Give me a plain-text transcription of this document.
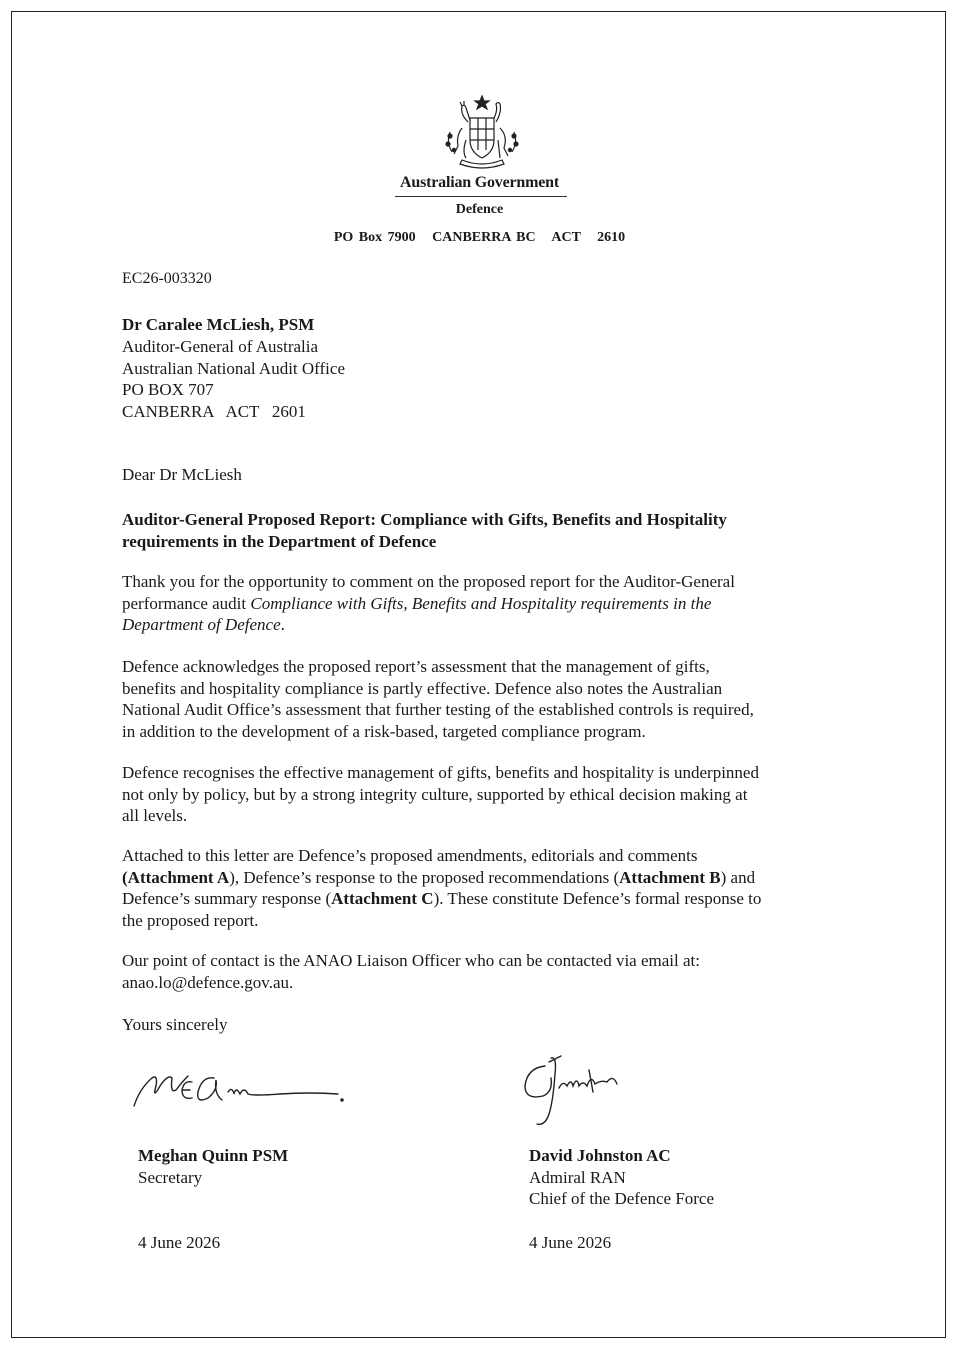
Australian Government
Defence
PO Box 7900   CANBERRA BC   ACT   2610
EC26-003320
Dr Caralee McLiesh, PSM
Auditor-General of Australia
Australian National Audit Office
PO BOX 707
CANBERRA   ACT   2601
Dear Dr McLiesh
Auditor-General Proposed Report: Compliance with Gifts, Benefits and Hospitality
requirements in the Department of Defence
Thank you for the opportunity to comment on the proposed report for the Auditor-General
performance audit Compliance with Gifts, Benefits and Hospitality requirements in the
Department of Defence.
Defence acknowledges the proposed report’s assessment that the management of gifts,
benefits and hospitality compliance is partly effective. Defence also notes the Australian
National Audit Office’s assessment that further testing of the established controls is required,
in addition to the development of a risk-based, targeted compliance program.
Defence recognises the effective management of gifts, benefits and hospitality is underpinned
not only by policy, but by a strong integrity culture, supported by ethical decision making at
all levels.
Attached to this letter are Defence’s proposed amendments, editorials and comments
(Attachment A), Defence’s response to the proposed recommendations (Attachment B) and
Defence’s summary response (Attachment C). These constitute Defence’s formal response to
the proposed report.
Our point of contact is the ANAO Liaison Officer who can be contacted via email at:
anao.lo@defence.gov.au.
Yours sincerely
Meghan Quinn PSM
Secretary
David Johnston AC
Admiral RAN
Chief of the Defence Force
4 June 2026	4 June 2026
